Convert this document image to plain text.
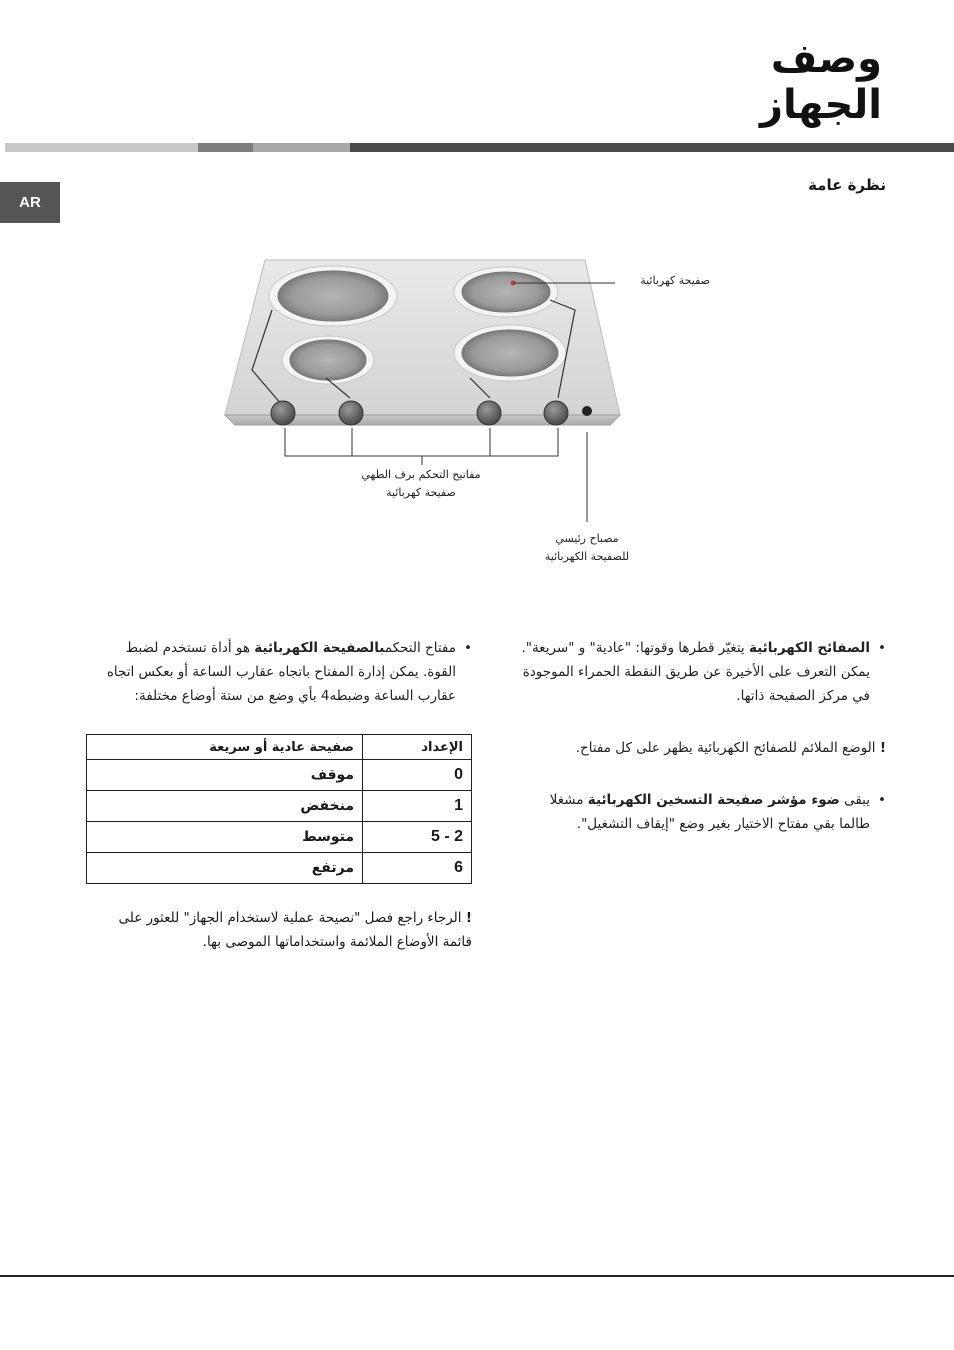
وصف
الجهاز
AR
نظرة عامة
صفيحة كهربائية
مفاتيح التحكم برف الطهي
صفيحة كهربائية
مصباح رئيسي
للصفيحة الكهربائية

• الصفائح الكهربائية يتغيّر قطرها وقوتها: "عادية" و "سريعة". يمكن التعرف على الأخيرة عن طريق النقطة الحمراء الموجودة في مركز الصفيحة ذاتها.

! الوضع الملائم للصفائح الكهربائية يظهر على كل مفتاح.

• يبقى ضوء مؤشر صفيحة التسخين الكهربائية مشغلا طالما بقي مفتاح الاختيار بغير وضع "إيقاف التشغيل".

• مفتاح التحكمبالصفيحة الكهربائية هو أداة تستخدم لضبط القوة. يمكن إدارة المفتاح باتجاه عقارب الساعة أو بعكس اتجاه عقارب الساعة وضبطه4 بأي وضع من ستة أوضاع مختلفة:

الإعداد	صفيحة عادية أو سريعة
0	موقف
1	منخفض
2 - 5	متوسط
6	مرتفع
! الرجاء راجع فصل "نصيحة عملية لاستخدام الجهاز" للعثور على قائمة الأوضاع الملائمة واستخداماتها الموصى بها.
